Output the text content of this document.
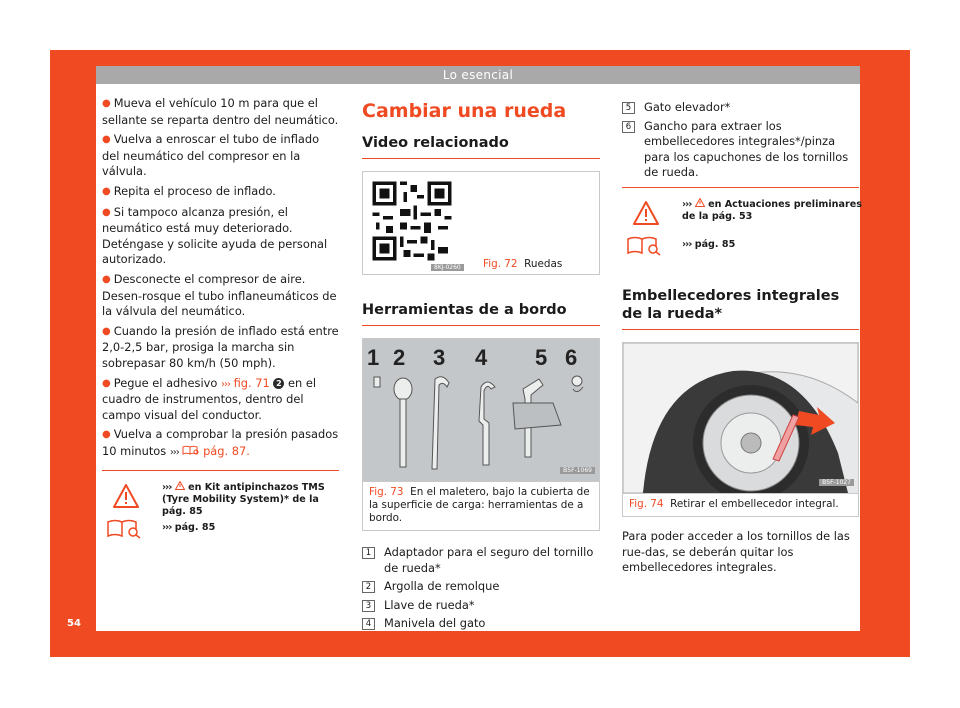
Lo esencial
54

● Mueva el vehículo 10 m para que el sellante se reparta dentro del neumático.

● Vuelva a enroscar el tubo de inflado del neumático del compresor en la válvula.

● Repita el proceso de inflado.

● Si tampoco alcanza presión, el neumático está muy deteriorado. Deténgase y solicite ayuda de personal autorizado.

● Desconecte el compresor de aire. Desen-rosque el tubo inflaneumáticos de la válvula del neumático.

● Cuando la presión de inflado está entre 2,0-2,5 bar, prosiga la marcha sin sobrepasar 80 km/h (50 mph).

● Pegue el adhesivo ››› fig. 71 2 en el cuadro de instrumentos, dentro del campo visual del conductor.

● Vuelva a comprobar la presión pasados 10 minutos ››› pág. 87.

››› en Kit antipinchazos TMS (Tyre Mobility System)* de la pág. 85
››› pág. 85
Cambiar una rueda
Video relacionado
8KJ-0260 Fig. 72 Ruedas
Herramientas de a bordo
1 2 3 4 5 6
B5F-1069
Fig. 73 En el maletero, bajo la cubierta de la superficie de carga: herramientas de a bordo.
1	Adaptador para el seguro del tornillo de rueda*
2	Argolla de remolque
3	Llave de rueda*
4	Manivela del gato
5	Gato elevador*
6	Gancho para extraer los embellecedores integrales*/pinza para los capuchones de los tornillos de rueda.
››› en Actuaciones preliminares de la pág. 53
››› pág. 85
Embellecedores integrales de la rueda*
B5F-1027
Fig. 74 Retirar el embellecedor integral.

Para poder acceder a los tornillos de las rue-das, se deberán quitar los embellecedores integrales.
